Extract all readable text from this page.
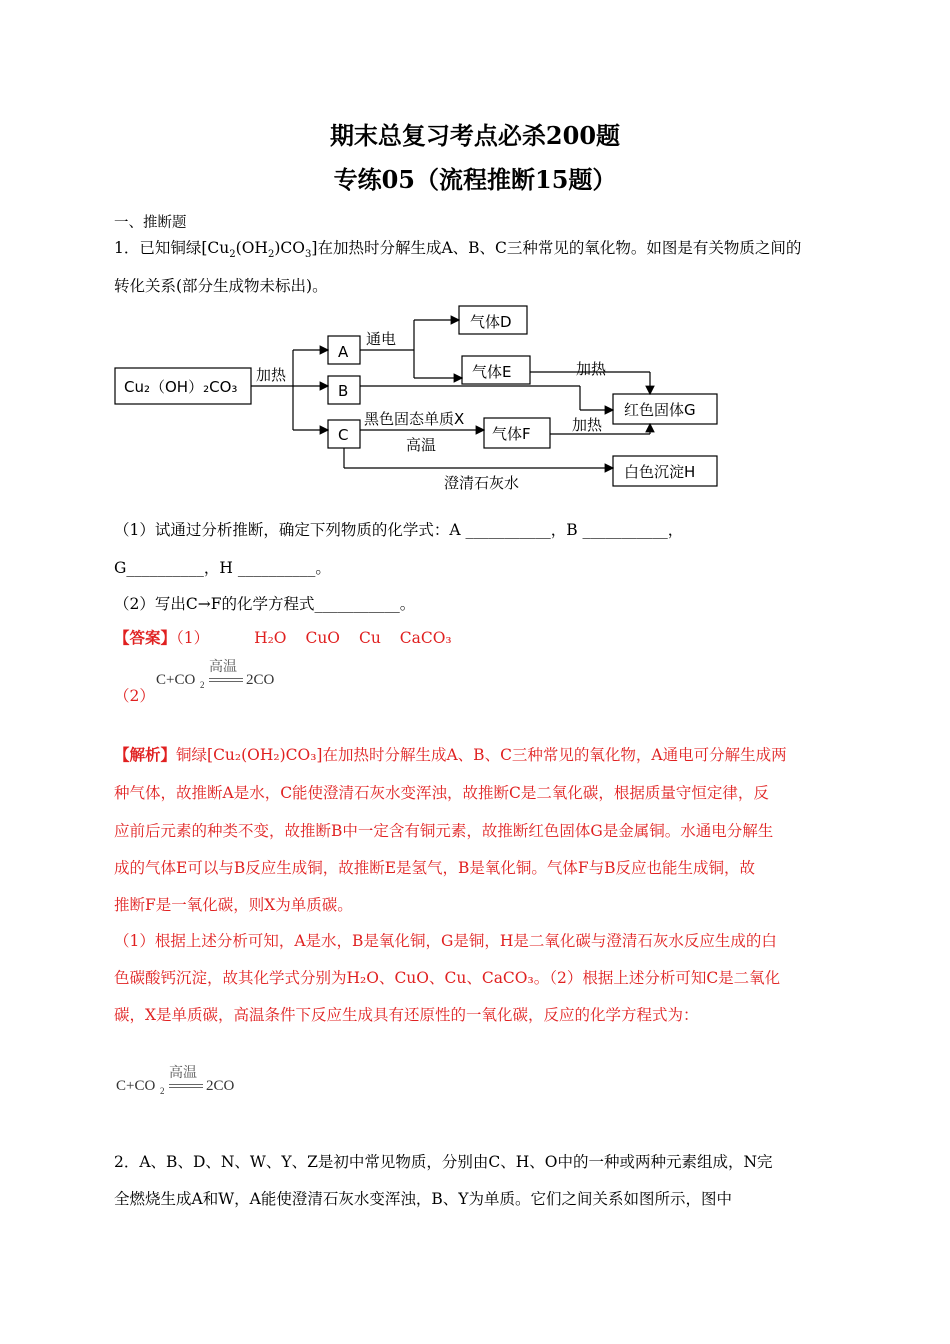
期末总复习考点必杀200题
专练05（流程推断15题）
一、推断题
1．已知铜绿$[Cu_2(OH_2)CO_3]$在加热时分解生成A、B、C三种常见的氧化物。如图是有关物质之间的
转化关系(部分生成物未标出)。
Cu₂（OH）₂CO₃
加热
A
B
C
通电
气体D
气体E	加热
红色固体G
黑色固态单质X
高温
气体F	加热
澄清石灰水
白色沉淀H
（1）试通过分析推断，确定下列物质的化学式：A ___________，B ___________，
G__________，H __________。
（2）写出C→F的化学方程式___________。
【答案】（1）	H₂O CuO Cu CaCO₃
（2）
C+CO 2
高温
2CO
【解析】铜绿[Cu₂(OH₂)CO₃]在加热时分解生成A、B、C三种常见的氧化物，A通电可分解生成两
种气体，故推断A是水，C能使澄清石灰水变浑浊，故推断C是二氧化碳，根据质量守恒定律，反
应前后元素的种类不变，故推断B中一定含有铜元素，故推断红色固体G是金属铜。水通电分解生
成的气体E可以与B反应生成铜，故推断E是氢气，B是氧化铜。气体F与B反应也能生成铜，故
推断F是一氧化碳，则X为单质碳。
（1）根据上述分析可知，A是水，B是氧化铜，G是铜，H是二氧化碳与澄清石灰水反应生成的白
色碳酸钙沉淀，故其化学式分别为H₂O、CuO、Cu、CaCO₃。（2）根据上述分析可知C是二氧化
碳，X是单质碳，高温条件下反应生成具有还原性的一氧化碳，反应的化学方程式为：
C+CO 2
高温
2CO
2．A、B、D、N、W、Y、Z是初中常见物质，分别由C、H、O中的一种或两种元素组成，N完
全燃烧生成A和W，A能使澄清石灰水变浑浊，B、Y为单质。它们之间关系如图所示，图中
